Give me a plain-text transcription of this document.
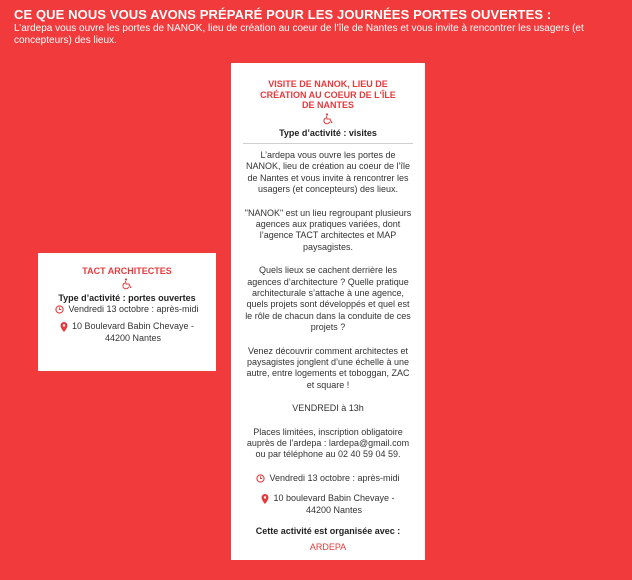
CE QUE NOUS VOUS AVONS PRÉPARÉ POUR LES JOURNÉES PORTES OUVERTES :
L’ardepa vous ouvre les portes de NANOK, lieu de création au coeur de l’île de Nantes et vous invite à rencontrer les usagers (et concepteurs) des lieux.
TACT ARCHITECTES
Type d’activité : portes ouvertes
Vendredi 13 octobre : après-midi
10 Boulevard Babin Chevaye -
44200 Nantes
VISITE DE NANOK, LIEU DE CRÉATION AU COEUR DE L'ÎLE DE NANTES
Type d’activité : visites

L’ardepa vous ouvre les portes de NANOK, lieu de création au coeur de l’île de Nantes et vous invite à rencontrer les usagers (et concepteurs) des lieux.

"NANOK" est un lieu regroupant plusieurs agences aux pratiques variées, dont l’agence TACT architectes et MAP paysagistes.

Quels lieux se cachent derrière les agences d’architecture ? Quelle pratique architecturale s’attache à une agence, quels projets sont développés et quel est le rôle de chacun dans la conduite de ces projets ?

Venez découvrir comment architectes et paysagistes jonglent d’une échelle à une autre, entre logements et toboggan, ZAC et square !

VENDREDI à 13h

Places limitées, inscription obligatoire auprès de l’ardepa : lardepa@gmail.com ou par téléphone au 02 40 59 04 59.

Vendredi 13 octobre : après-midi
10 boulevard Babin Chevaye -
44200 Nantes
Cette activité est organisée avec :
ARDEPA
